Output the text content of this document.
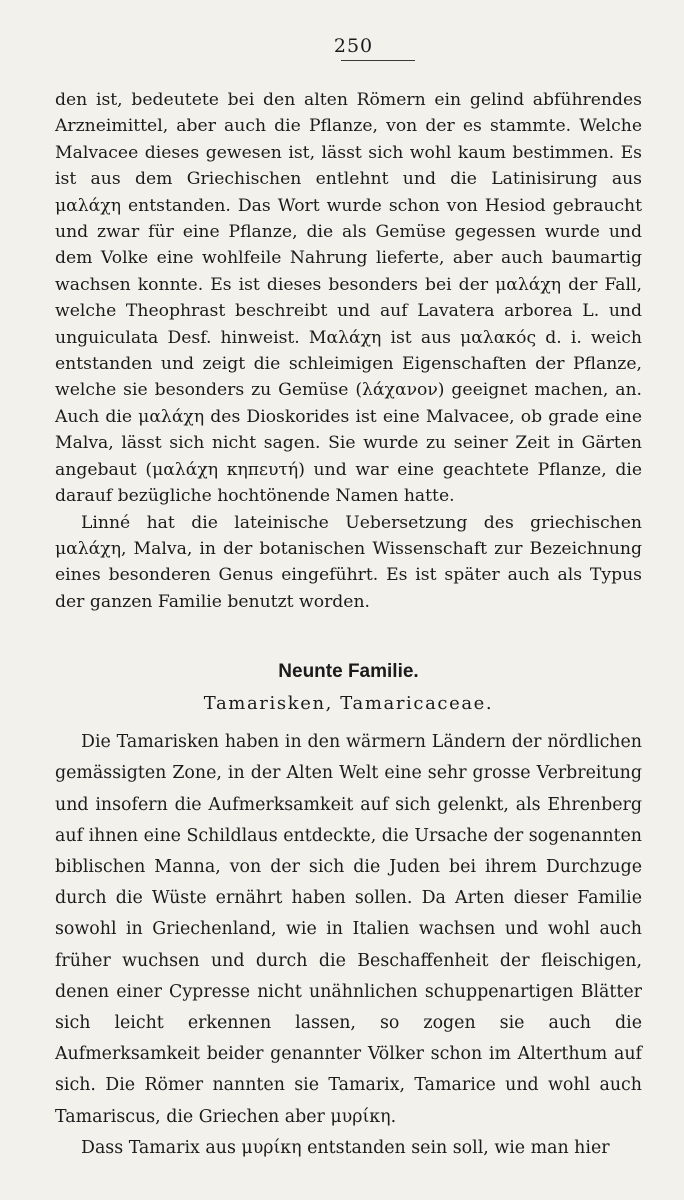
250

den ist, bedeutete bei den alten Römern ein gelind abführendes Arzneimittel, aber auch die Pflanze, von der es stammte. Welche Malvacee dieses gewesen ist, lässt sich wohl kaum bestimmen. Es ist aus dem Griechischen entlehnt und die Latinisirung aus μαλάχη entstanden. Das Wort wurde schon von Hesiod gebraucht und zwar für eine Pflanze, die als Gemüse gegessen wurde und dem Volke eine wohlfeile Nahrung lieferte, aber auch baumartig wachsen konnte. Es ist dieses besonders bei der μαλάχη der Fall, welche Theophrast beschreibt und auf Lavatera arborea L. und unguiculata Desf. hinweist. Μαλάχη ist aus μαλακός d. i. weich entstanden und zeigt die schleimigen Eigenschaften der Pflanze, welche sie besonders zu Gemüse (λάχανον) geeignet machen, an. Auch die μαλάχη des Dioskorides ist eine Malvacee, ob grade eine Malva, lässt sich nicht sagen. Sie wurde zu seiner Zeit in Gärten angebaut (μαλάχη κηπευτή) und war eine geachtete Pflanze, die darauf bezügliche hochtönende Namen hatte.

Linné hat die lateinische Uebersetzung des griechischen μαλάχη, Malva, in der botanischen Wissenschaft zur Bezeichnung eines besonderen Genus eingeführt. Es ist später auch als Typus der ganzen Familie benutzt worden.

Neunte Familie.
Tamarisken, Tamaricaceae.

Die Tamarisken haben in den wärmern Ländern der nördlichen gemässigten Zone, in der Alten Welt eine sehr grosse Verbreitung und insofern die Aufmerksamkeit auf sich gelenkt, als Ehrenberg auf ihnen eine Schildlaus entdeckte, die Ursache der sogenannten biblischen Manna, von der sich die Juden bei ihrem Durchzuge durch die Wüste ernährt haben sollen. Da Arten dieser Familie sowohl in Griechenland, wie in Italien wachsen und wohl auch früher wuchsen und durch die Beschaffenheit der fleischigen, denen einer Cypresse nicht unähnlichen schuppenartigen Blätter sich leicht erkennen lassen, so zogen sie auch die Aufmerksamkeit beider genannter Völker schon im Alterthum auf sich. Die Römer nannten sie Tamarix, Tamarice und wohl auch Tamariscus, die Griechen aber μυρίκη.

Dass Tamarix aus μυρίκη entstanden sein soll, wie man hier
